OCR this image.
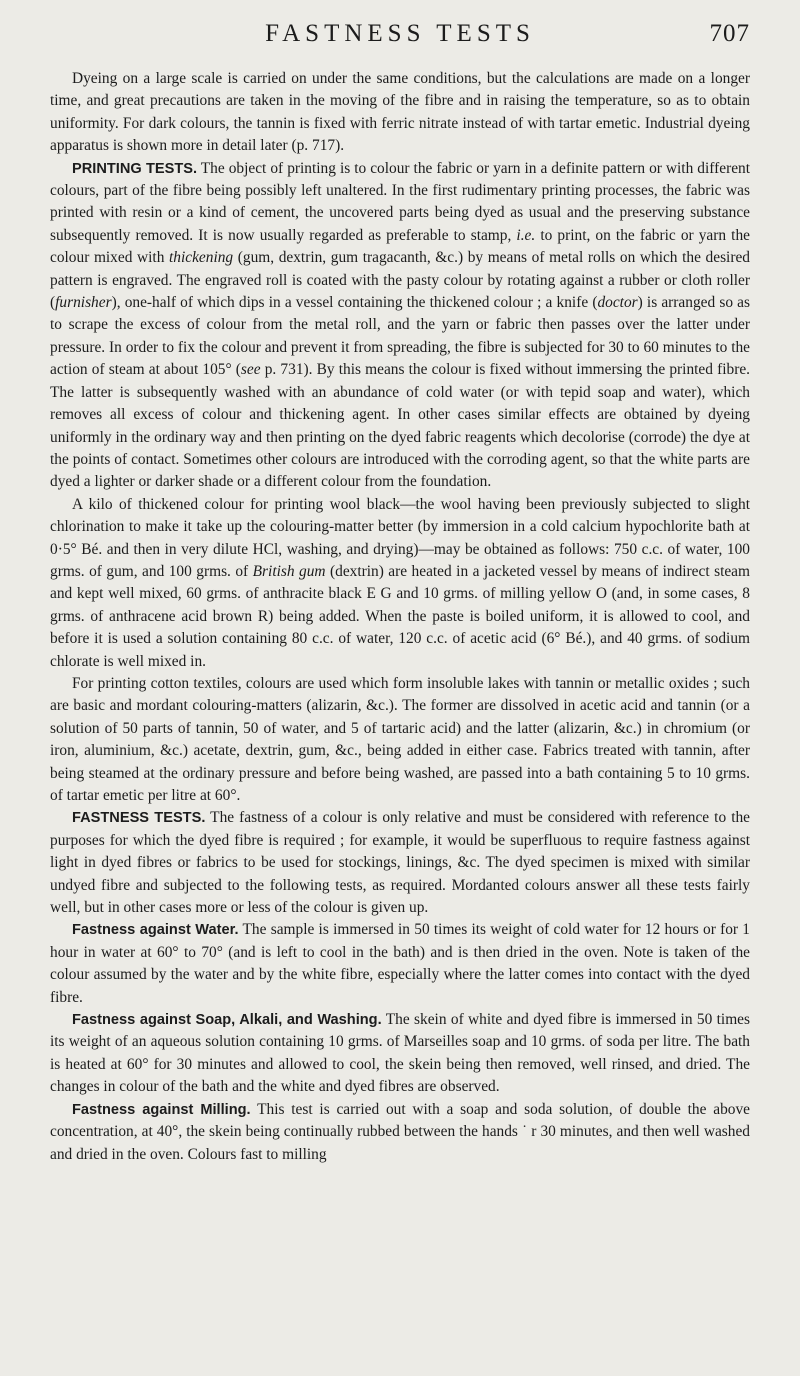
FASTNESS TESTS	707

Dyeing on a large scale is carried on under the same conditions, but the calculations are made on a longer time, and great precautions are taken in the moving of the fibre and in raising the temperature, so as to obtain uniformity. For dark colours, the tannin is fixed with ferric nitrate instead of with tartar emetic. Industrial dyeing apparatus is shown more in detail later (p. 717).

PRINTING TESTS. The object of printing is to colour the fabric or yarn in a definite pattern or with different colours, part of the fibre being possibly left unaltered. In the first rudimentary printing processes, the fabric was printed with resin or a kind of cement, the uncovered parts being dyed as usual and the preserving substance subsequently removed. It is now usually regarded as preferable to stamp, i.e. to print, on the fabric or yarn the colour mixed with thickening (gum, dextrin, gum tragacanth, &c.) by means of metal rolls on which the desired pattern is engraved. The engraved roll is coated with the pasty colour by rotating against a rubber or cloth roller (furnisher), one-half of which dips in a vessel containing the thickened colour ; a knife (doctor) is arranged so as to scrape the excess of colour from the metal roll, and the yarn or fabric then passes over the latter under pressure. In order to fix the colour and prevent it from spreading, the fibre is subjected for 30 to 60 minutes to the action of steam at about 105° (see p. 731). By this means the colour is fixed without immersing the printed fibre. The latter is subsequently washed with an abundance of cold water (or with tepid soap and water), which removes all excess of colour and thickening agent. In other cases similar effects are obtained by dyeing uniformly in the ordinary way and then printing on the dyed fabric reagents which decolorise (corrode) the dye at the points of contact. Sometimes other colours are introduced with the corroding agent, so that the white parts are dyed a lighter or darker shade or a different colour from the foundation.

A kilo of thickened colour for printing wool black—the wool having been previously subjected to slight chlorination to make it take up the colouring-matter better (by immersion in a cold calcium hypochlorite bath at 0·5° Bé. and then in very dilute HCl, washing, and drying)—may be obtained as follows: 750 c.c. of water, 100 grms. of gum, and 100 grms. of British gum (dextrin) are heated in a jacketed vessel by means of indirect steam and kept well mixed, 60 grms. of anthracite black E G and 10 grms. of milling yellow O (and, in some cases, 8 grms. of anthracene acid brown R) being added. When the paste is boiled uniform, it is allowed to cool, and before it is used a solution containing 80 c.c. of water, 120 c.c. of acetic acid (6° Bé.), and 40 grms. of sodium chlorate is well mixed in.

For printing cotton textiles, colours are used which form insoluble lakes with tannin or metallic oxides ; such are basic and mordant colouring-matters (alizarin, &c.). The former are dissolved in acetic acid and tannin (or a solution of 50 parts of tannin, 50 of water, and 5 of tartaric acid) and the latter (alizarin, &c.) in chromium (or iron, aluminium, &c.) acetate, dextrin, gum, &c., being added in either case. Fabrics treated with tannin, after being steamed at the ordinary pressure and before being washed, are passed into a bath containing 5 to 10 grms. of tartar emetic per litre at 60°.

FASTNESS TESTS. The fastness of a colour is only relative and must be considered with reference to the purposes for which the dyed fibre is required ; for example, it would be superfluous to require fastness against light in dyed fibres or fabrics to be used for stockings, linings, &c. The dyed specimen is mixed with similar undyed fibre and subjected to the following tests, as required. Mordanted colours answer all these tests fairly well, but in other cases more or less of the colour is given up.

Fastness against Water. The sample is immersed in 50 times its weight of cold water for 12 hours or for 1 hour in water at 60° to 70° (and is left to cool in the bath) and is then dried in the oven. Note is taken of the colour assumed by the water and by the white fibre, especially where the latter comes into contact with the dyed fibre.

Fastness against Soap, Alkali, and Washing. The skein of white and dyed fibre is immersed in 50 times its weight of an aqueous solution containing 10 grms. of Marseilles soap and 10 grms. of soda per litre. The bath is heated at 60° for 30 minutes and allowed to cool, the skein being then removed, well rinsed, and dried. The changes in colour of the bath and the white and dyed fibres are observed.

Fastness against Milling. This test is carried out with a soap and soda solution, of double the above concentration, at 40°, the skein being continually rubbed between the hands ˙ r 30 minutes, and then well washed and dried in the oven. Colours fast to milling
